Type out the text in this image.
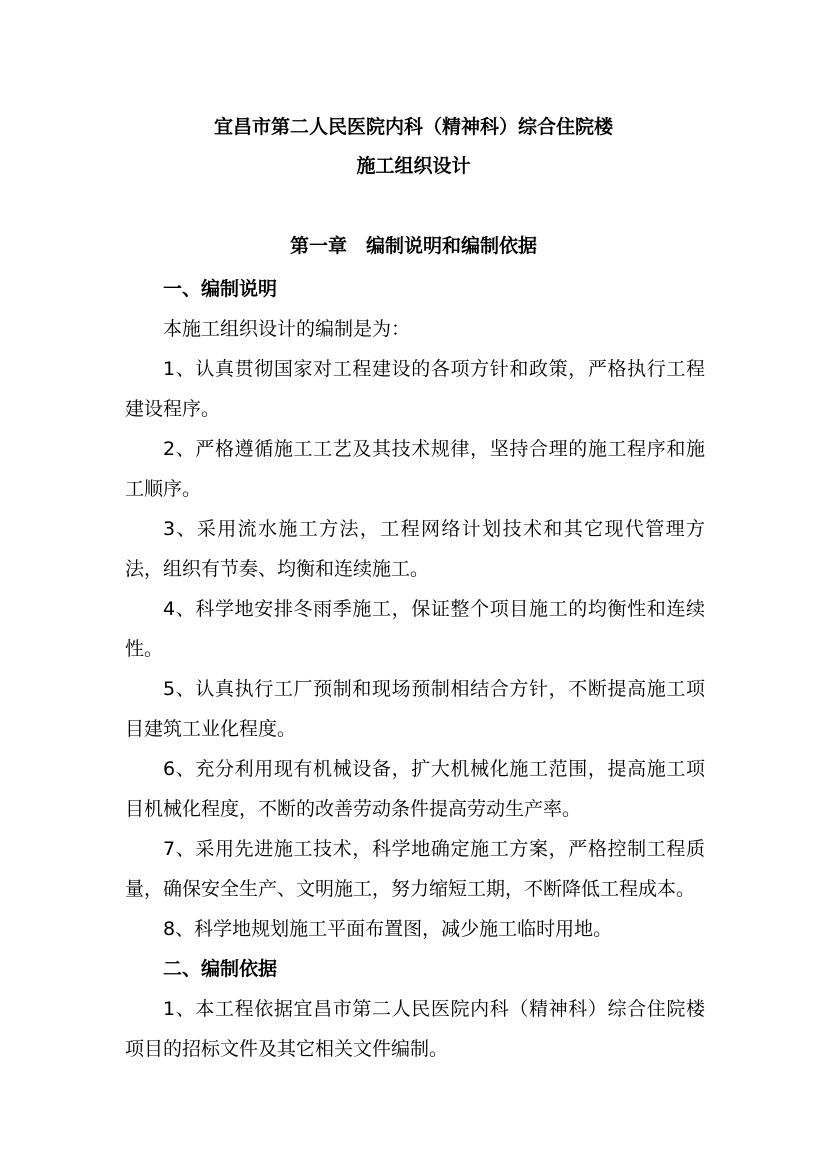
宜昌市第二人民医院内科（精神科）综合住院楼
施工组织设计
第一章　编制说明和编制依据

一、编制说明

本施工组织设计的编制是为：

1、认真贯彻国家对工程建设的各项方针和政策，严格执行工程建设程序。

2、严格遵循施工工艺及其技术规律，坚持合理的施工程序和施工顺序。

3、采用流水施工方法，工程网络计划技术和其它现代管理方法，组织有节奏、均衡和连续施工。

4、科学地安排冬雨季施工，保证整个项目施工的均衡性和连续性。

5、认真执行工厂预制和现场预制相结合方针，不断提高施工项目建筑工业化程度。

6、充分利用现有机械设备，扩大机械化施工范围，提高施工项目机械化程度，不断的改善劳动条件提高劳动生产率。

7、采用先进施工技术，科学地确定施工方案，严格控制工程质量，确保安全生产、文明施工，努力缩短工期，不断降低工程成本。

8、科学地规划施工平面布置图，减少施工临时用地。

二、编制依据

1、本工程依据宜昌市第二人民医院内科（精神科）综合住院楼项目的招标文件及其它相关文件编制。
